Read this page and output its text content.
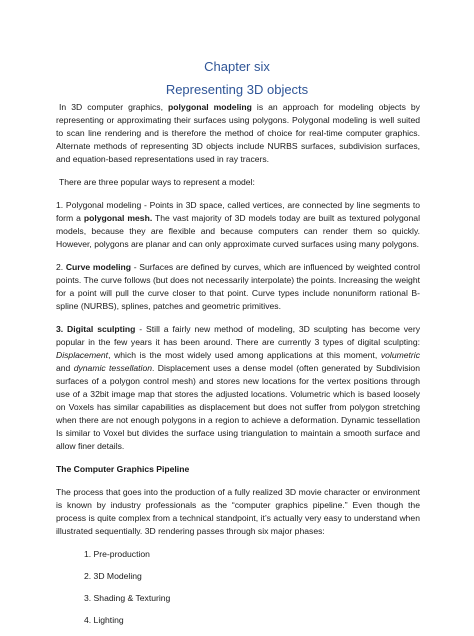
Chapter six
Representing 3D objects

In 3D computer graphics, polygonal modeling is an approach for modeling objects by representing or approximating their surfaces using polygons. Polygonal modeling is well suited to scan line rendering and is therefore the method of choice for real-time computer graphics. Alternate methods of representing 3D objects include NURBS surfaces, subdivision surfaces, and equation-based representations used in ray tracers.

There are three popular ways to represent a model:

1. Polygonal modeling - Points in 3D space, called vertices, are connected by line segments to form a polygonal mesh. The vast majority of 3D models today are built as textured polygonal models, because they are flexible and because computers can render them so quickly. However, polygons are planar and can only approximate curved surfaces using many polygons.

2. Curve modeling - Surfaces are defined by curves, which are influenced by weighted control points. The curve follows (but does not necessarily interpolate) the points. Increasing the weight for a point will pull the curve closer to that point. Curve types include nonuniform rational B-spline (NURBS), splines, patches and geometric primitives.

3. Digital sculpting - Still a fairly new method of modeling, 3D sculpting has become very popular in the few years it has been around. There are currently 3 types of digital sculpting: Displacement, which is the most widely used among applications at this moment, volumetric and dynamic tessellation. Displacement uses a dense model (often generated by Subdivision surfaces of a polygon control mesh) and stores new locations for the vertex positions through use of a 32bit image map that stores the adjusted locations. Volumetric which is based loosely on Voxels has similar capabilities as displacement but does not suffer from polygon stretching when there are not enough polygons in a region to achieve a deformation. Dynamic tessellation Is similar to Voxel but divides the surface using triangulation to maintain a smooth surface and allow finer details.

The Computer Graphics Pipeline

The process that goes into the production of a fully realized 3D movie character or environment is known by industry professionals as the “computer graphics pipeline.” Even though the process is quite complex from a technical standpoint, it’s actually very easy to understand when illustrated sequentially. 3D rendering passes through six major phases:

1. Pre-production
2. 3D Modeling
3. Shading & Texturing
4. Lighting
